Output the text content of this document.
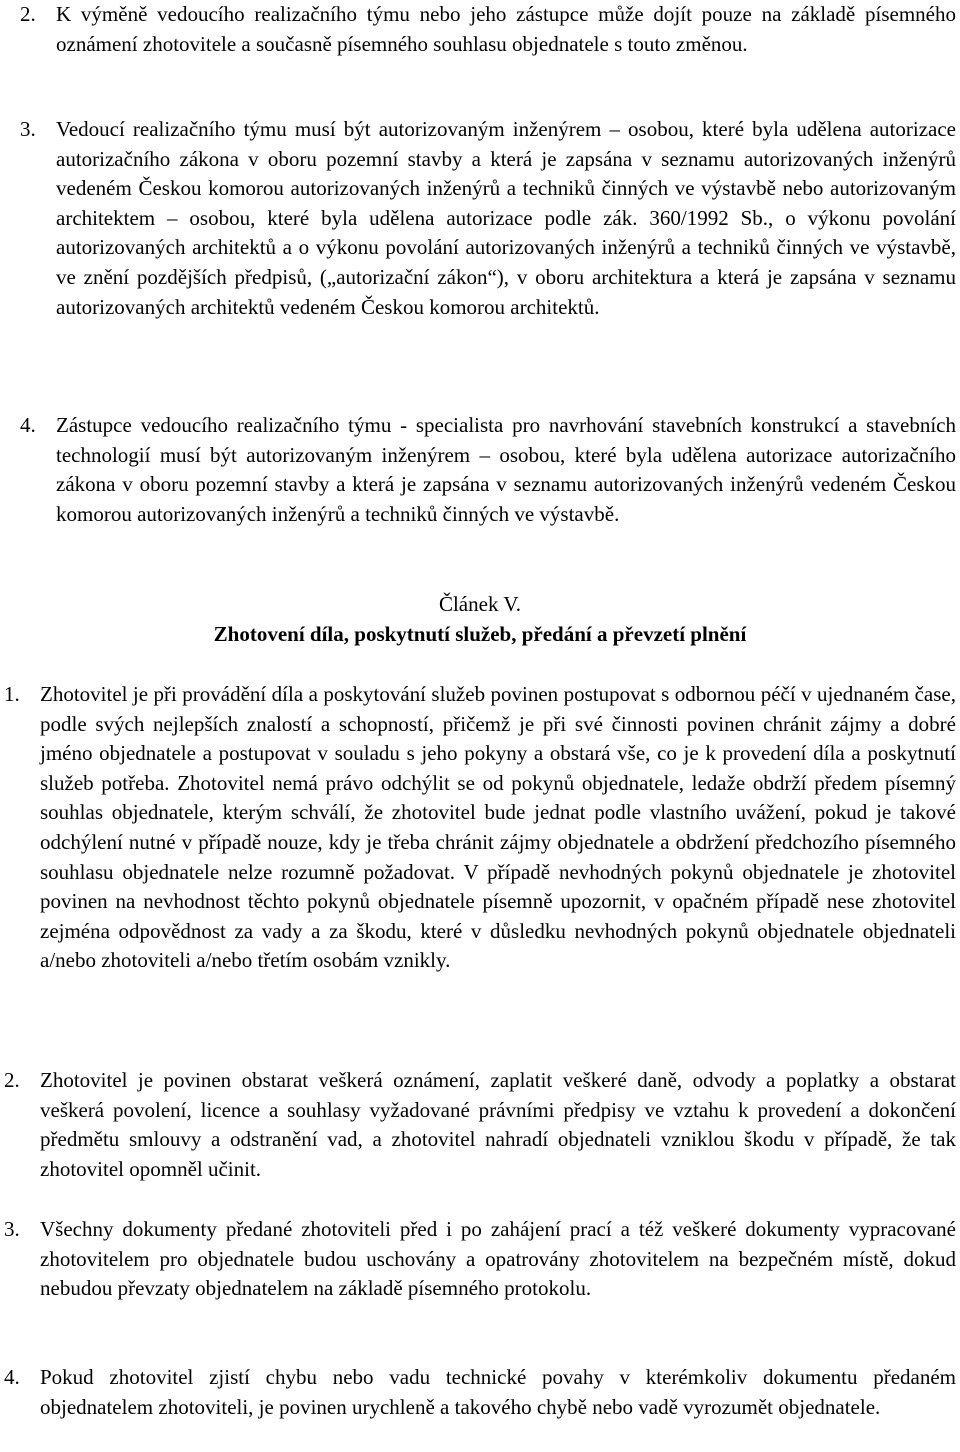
2. K výměně vedoucího realizačního týmu nebo jeho zástupce může dojít pouze na základě písemného oznámení zhotovitele a současně písemného souhlasu objednatele s touto změnou.

3. Vedoucí realizačního týmu musí být autorizovaným inženýrem – osobou, které byla udělena autorizace autorizačního zákona v oboru pozemní stavby a která je zapsána v seznamu autorizovaných inženýrů vedeném Českou komorou autorizovaných inženýrů a techniků činných ve výstavbě nebo autorizovaným architektem – osobou, které byla udělena autorizace podle zák. 360/1992 Sb., o výkonu povolání autorizovaných architektů a o výkonu povolání autorizovaných inženýrů a techniků činných ve výstavbě, ve znění pozdějších předpisů, („autorizační zákon“), v oboru architektura a která je zapsána v seznamu autorizovaných architektů vedeném Českou komorou architektů.

4. Zástupce vedoucího realizačního týmu - specialista pro navrhování stavebních konstrukcí a stavebních technologií musí být autorizovaným inženýrem – osobou, které byla udělena autorizace autorizačního zákona v oboru pozemní stavby a která je zapsána v seznamu autorizovaných inženýrů vedeném Českou komorou autorizovaných inženýrů a techniků činných ve výstavbě.

Článek V.
Zhotovení díla, poskytnutí služeb, předání a převzetí plnění
1. Zhotovitel je při provádění díla a poskytování služeb povinen postupovat s odbornou péčí v ujednaném čase, podle svých nejlepších znalostí a schopností, přičemž je při své činnosti povinen chránit zájmy a dobré jméno objednatele a postupovat v souladu s jeho pokyny a obstará vše, co je k provedení díla a poskytnutí služeb potřeba. Zhotovitel nemá právo odchýlit se od pokynů objednatele, ledaže obdrží předem písemný souhlas objednatele, kterým schválí, že zhotovitel bude jednat podle vlastního uvážení, pokud je takové odchýlení nutné v případě nouze, kdy je třeba chránit zájmy objednatele a obdržení předchozího písemného souhlasu objednatele nelze rozumně požadovat. V případě nevhodných pokynů objednatele je zhotovitel povinen na nevhodnost těchto pokynů objednatele písemně upozornit, v opačném případě nese zhotovitel zejména odpovědnost za vady a za škodu, které v důsledku nevhodných pokynů objednatele objednateli a/nebo zhotoviteli a/nebo třetím osobám vznikly.

2. Zhotovitel je povinen obstarat veškerá oznámení, zaplatit veškeré daně, odvody a poplatky a obstarat veškerá povolení, licence a souhlasy vyžadované právními předpisy ve vztahu k provedení a dokončení předmětu smlouvy a odstranění vad, a zhotovitel nahradí objednateli vzniklou škodu v případě, že tak zhotovitel opomněl učinit.

3. Všechny dokumenty předané zhotoviteli před i po zahájení prací a též veškeré dokumenty vypracované zhotovitelem pro objednatele budou uschovány a opatrovány zhotovitelem na bezpečném místě, dokud nebudou převzaty objednatelem na základě písemného protokolu.

4. Pokud zhotovitel zjistí chybu nebo vadu technické povahy v kterémkoliv dokumentu předaném objednatelem zhotoviteli, je povinen urychleně a takového chybě nebo vadě vyrozumět objednatele.
